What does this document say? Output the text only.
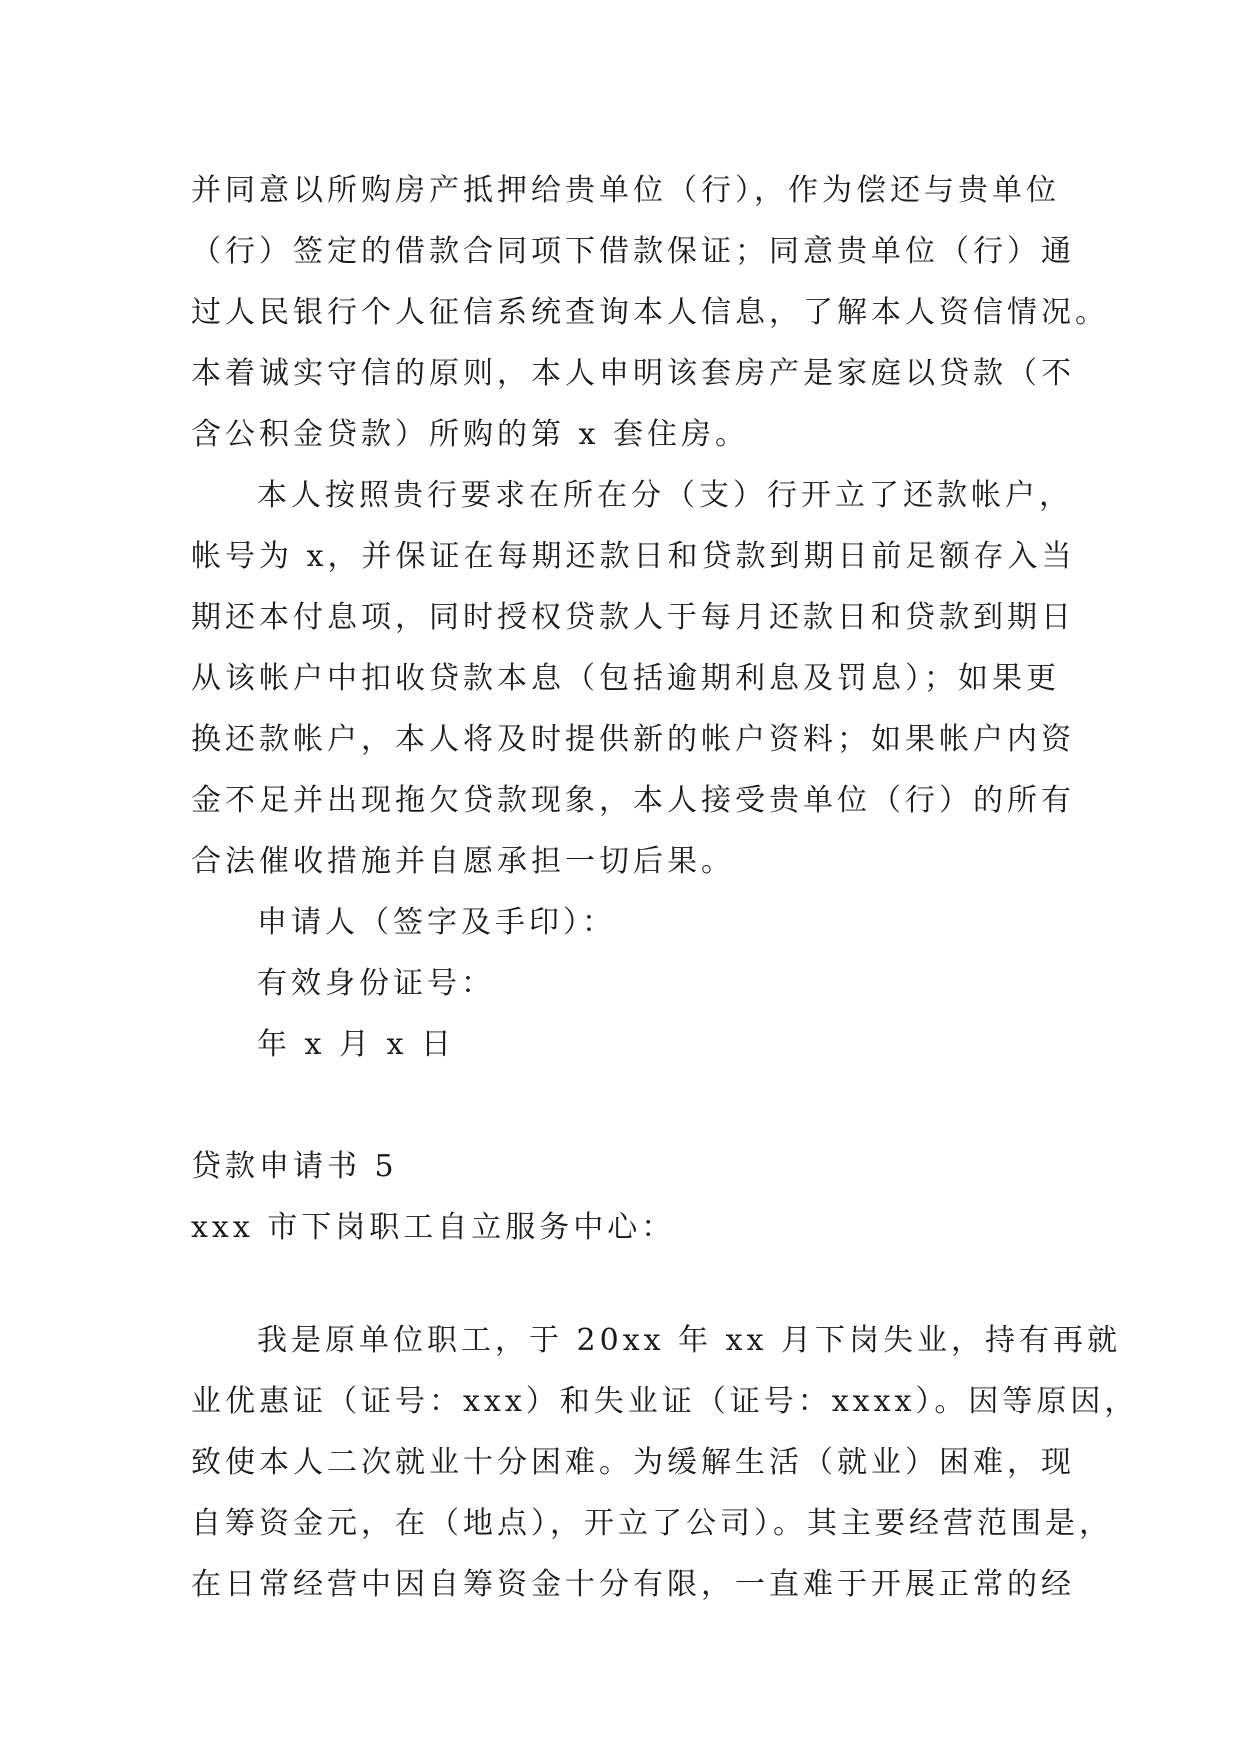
并同意以所购房产抵押给贵单位（行），作为偿还与贵单位
（行）签定的借款合同项下借款保证；同意贵单位（行）通
过人民银行个人征信系统查询本人信息，了解本人资信情况。
本着诚实守信的原则，本人申明该套房产是家庭以贷款（不
含公积金贷款）所购的第 x 套住房。
本人按照贵行要求在所在分（支）行开立了还款帐户，
帐号为 x，并保证在每期还款日和贷款到期日前足额存入当
期还本付息项，同时授权贷款人于每月还款日和贷款到期日
从该帐户中扣收贷款本息（包括逾期利息及罚息）；如果更
换还款帐户，本人将及时提供新的帐户资料；如果帐户内资
金不足并出现拖欠贷款现象，本人接受贵单位（行）的所有
合法催收措施并自愿承担一切后果。
申请人（签字及手印）：
有效身份证号：
年 x 月 x 日
贷款申请书 5
xxx 市下岗职工自立服务中心：
我是原单位职工，于 20xx 年 xx 月下岗失业，持有再就
业优惠证（证号：xxx）和失业证（证号：xxxx）。因等原因，
致使本人二次就业十分困难。为缓解生活（就业）困难，现
自筹资金元，在（地点），开立了公司）。其主要经营范围是，
在日常经营中因自筹资金十分有限，一直难于开展正常的经
